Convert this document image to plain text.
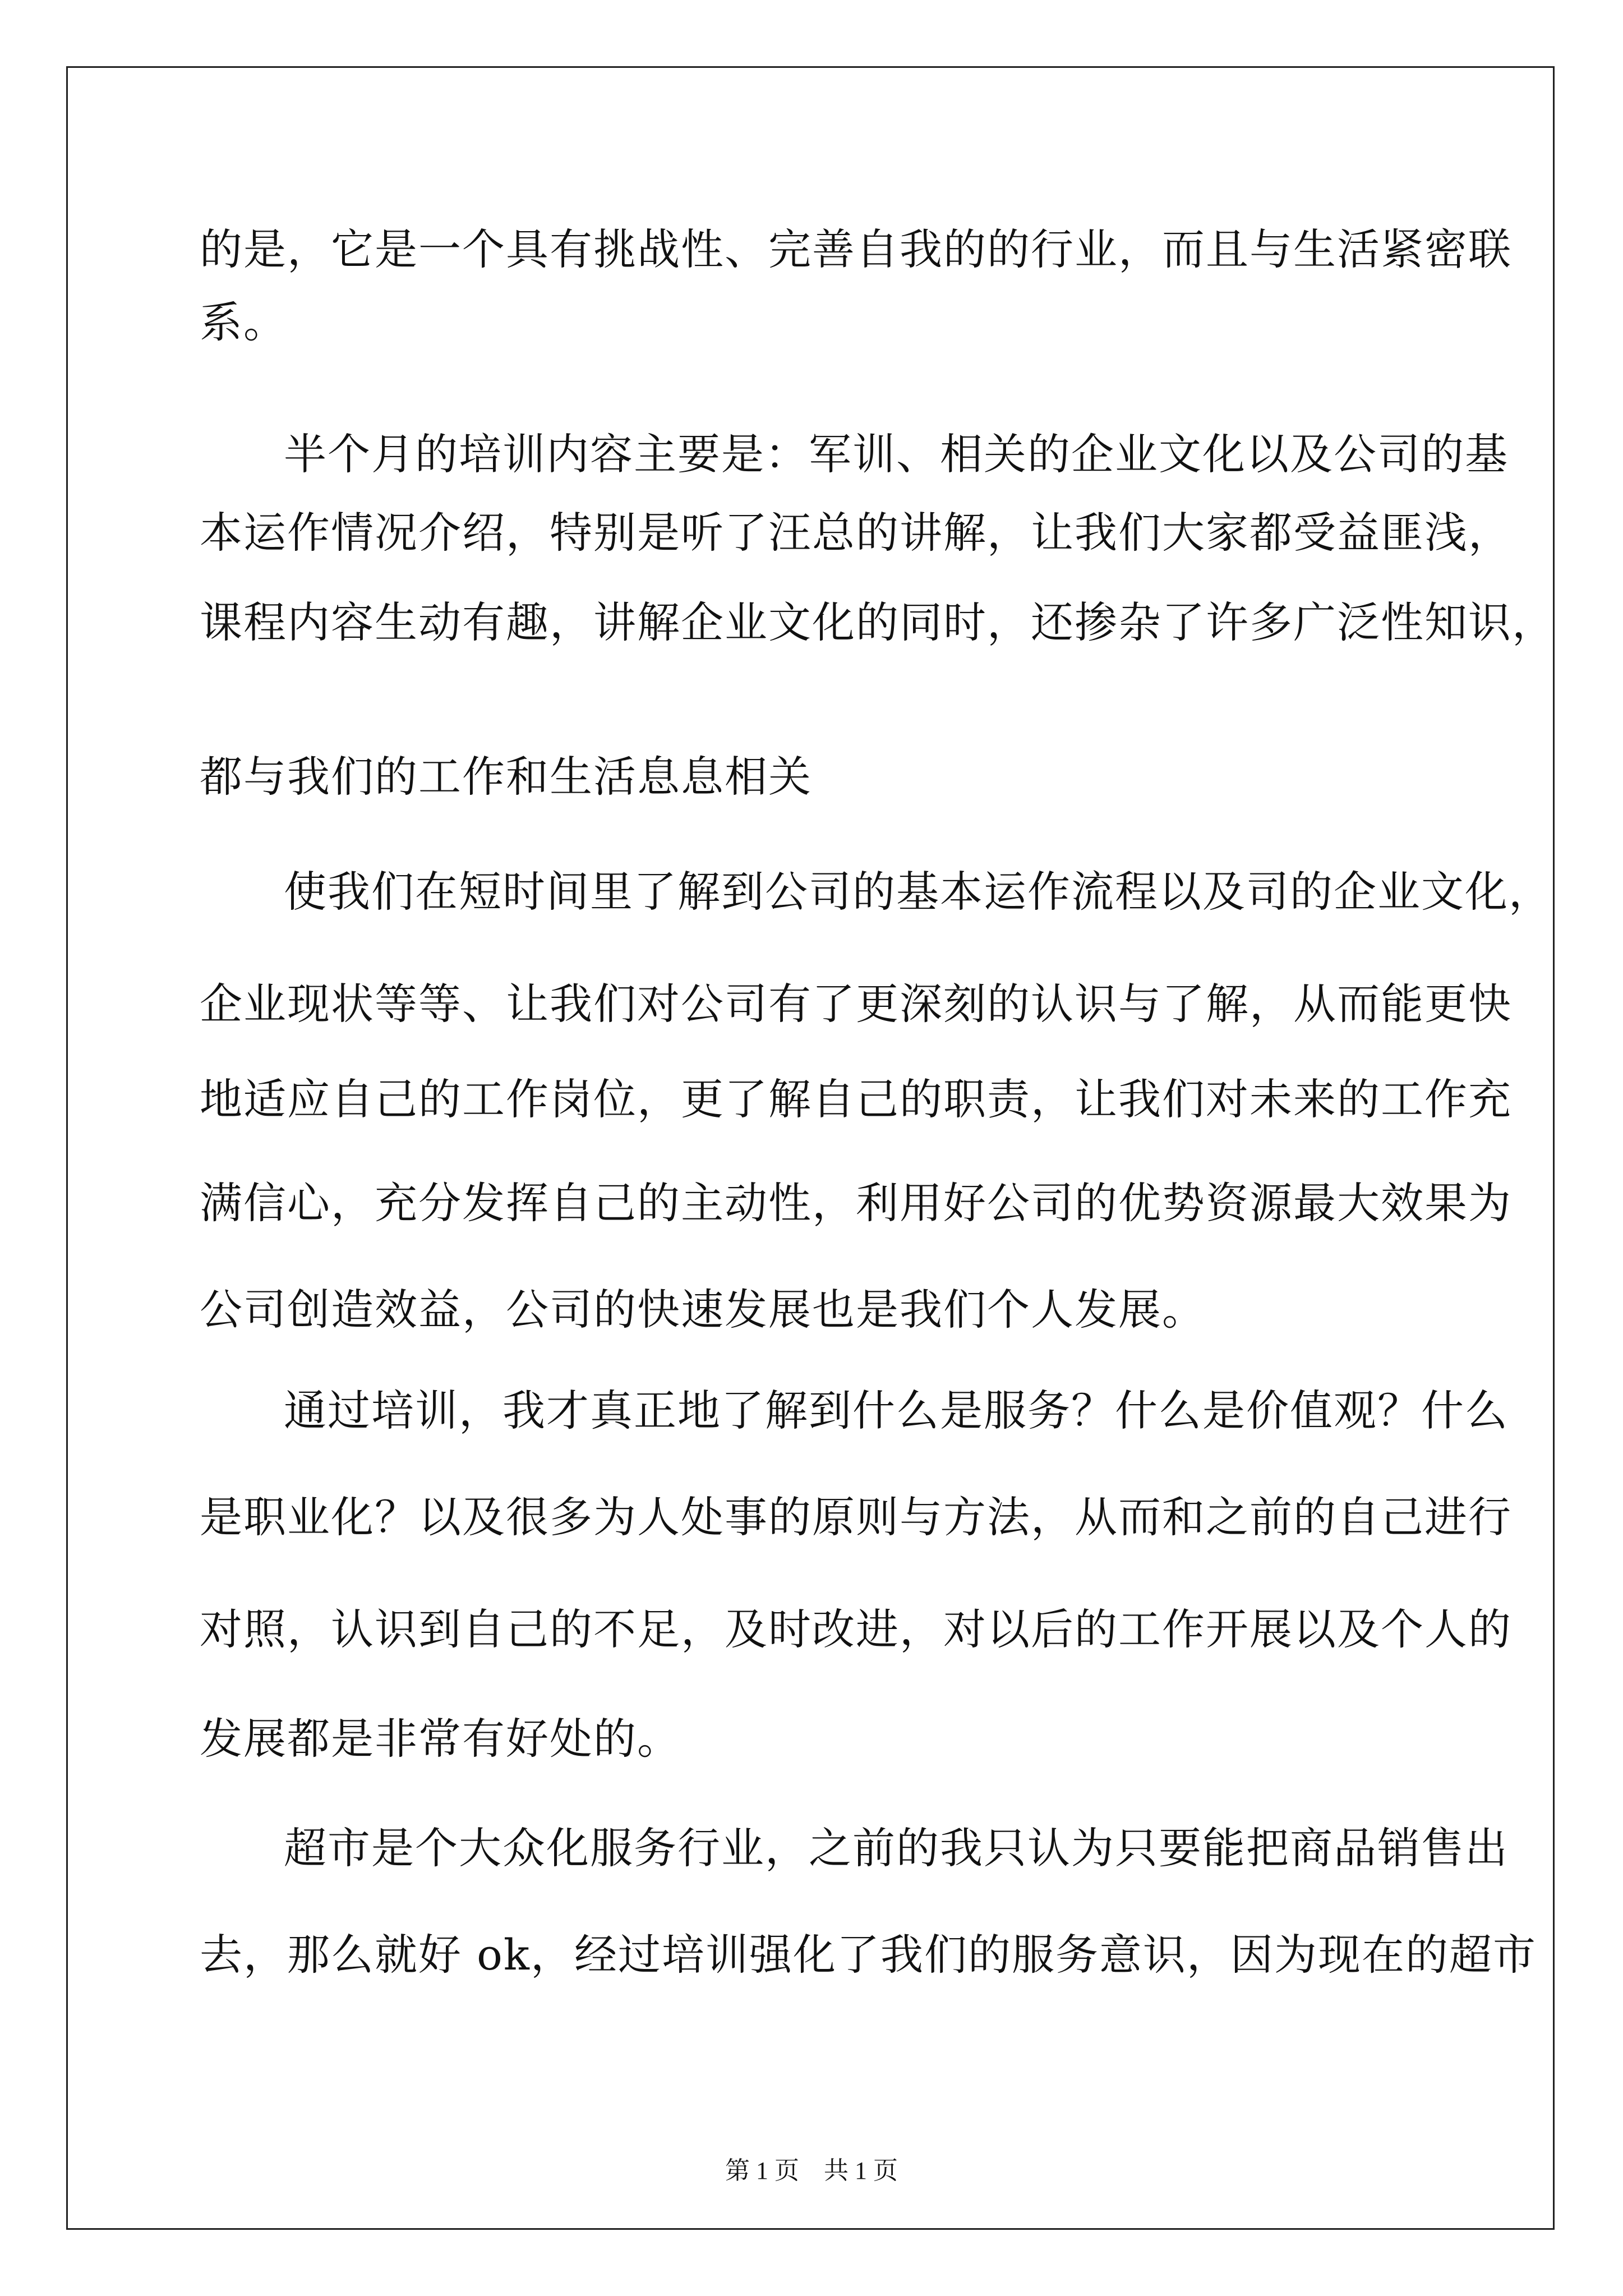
的是，它是一个具有挑战性、完善自我的的行业，而且与生活紧密联
系。
半个月的培训内容主要是：军训、相关的企业文化以及公司的基
本运作情况介绍，特别是听了汪总的讲解，让我们大家都受益匪浅，
课程内容生动有趣，讲解企业文化的同时，还掺杂了许多广泛性知识，
都与我们的工作和生活息息相关
使我们在短时间里了解到公司的基本运作流程以及司的企业文化，
企业现状等等、让我们对公司有了更深刻的认识与了解，从而能更快
地适应自己的工作岗位，更了解自己的职责，让我们对未来的工作充
满信心，充分发挥自己的主动性，利用好公司的优势资源最大效果为
公司创造效益，公司的快速发展也是我们个人发展。
通过培训，我才真正地了解到什么是服务？什么是价值观？什么
是职业化？以及很多为人处事的原则与方法，从而和之前的自己进行
对照，认识到自己的不足，及时改进，对以后的工作开展以及个人的
发展都是非常有好处的。
超市是个大众化服务行业，之前的我只认为只要能把商品销售出
去，那么就好 ok，经过培训强化了我们的服务意识，因为现在的超市
第 1 页　共 1 页
